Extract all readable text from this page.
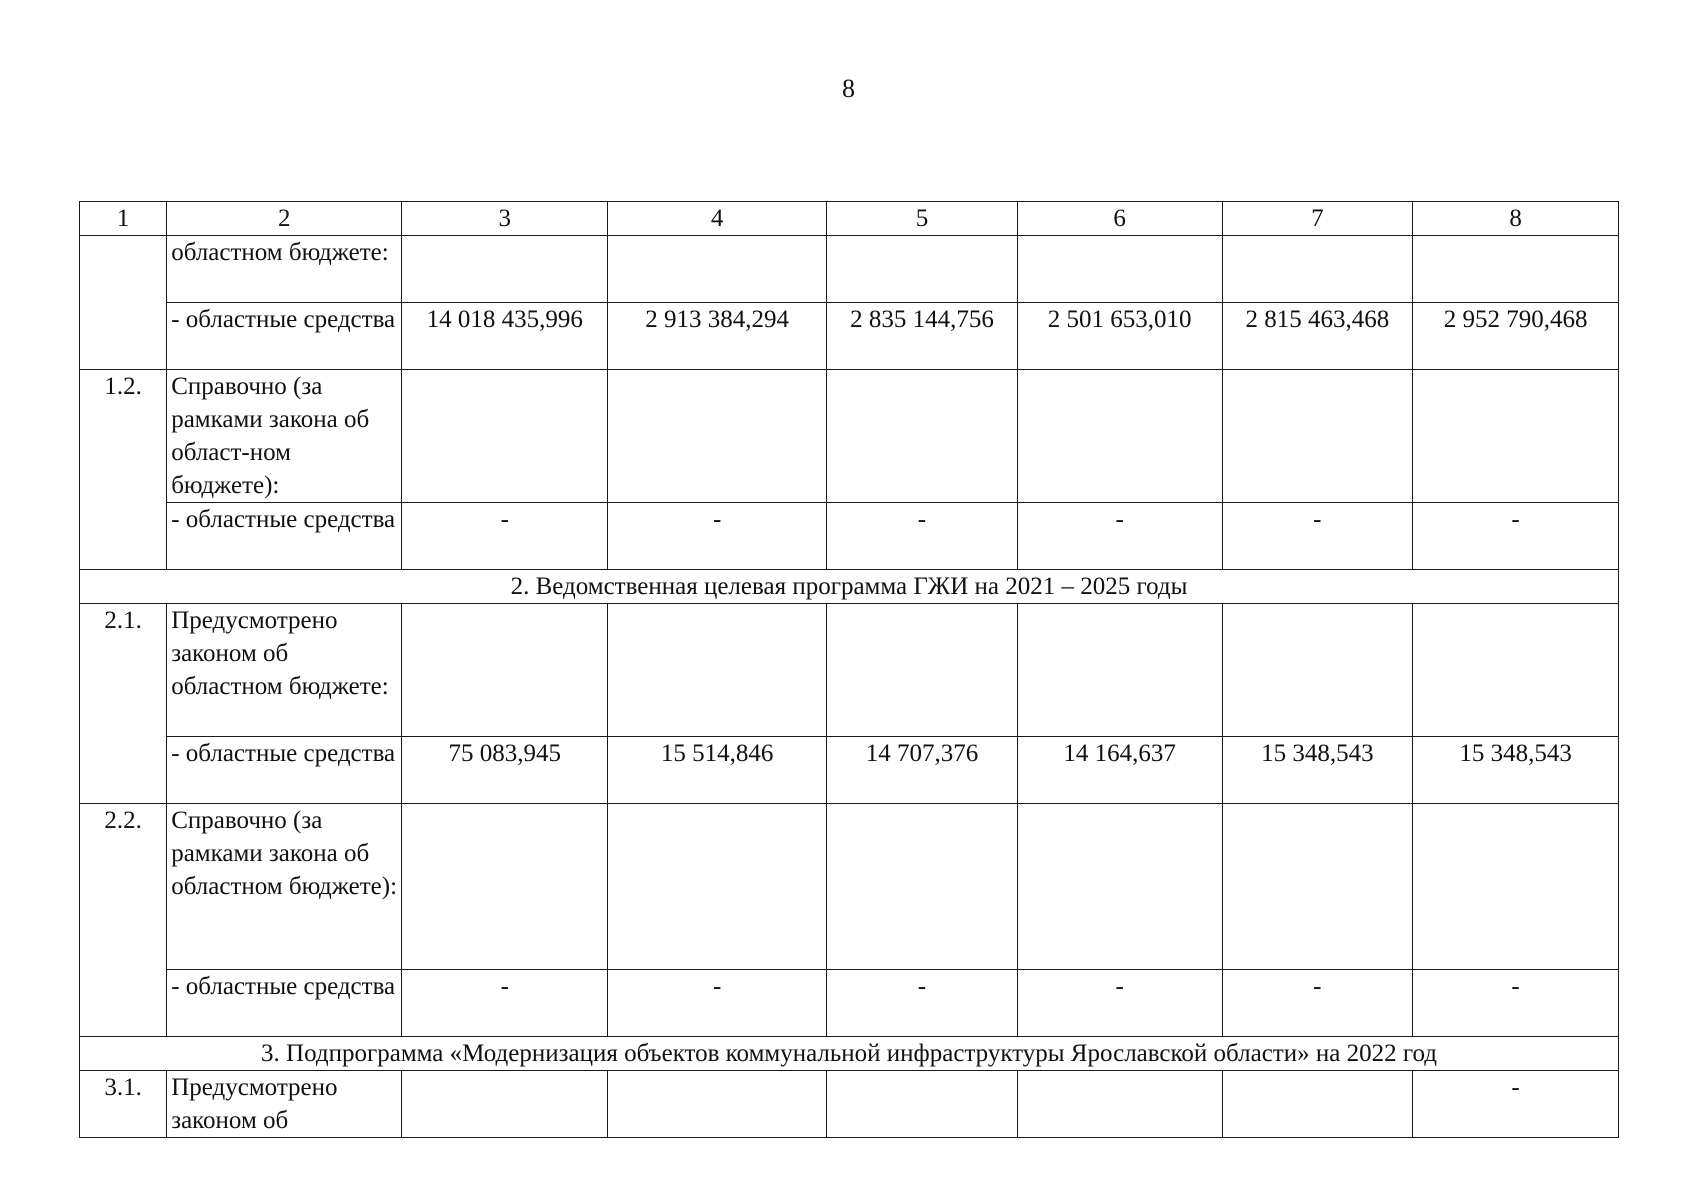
8
1	2	3	4	5	6	7	8
	областном бюджете:						
	- областные средства	14 018 435,996	2 913 384,294	2 835 144,756	2 501 653,010	2 815 463,468	2 952 790,468
1.2.	Справочно (за рамками закона об област-ном бюджете):						
	- областные средства	-	-	-	-	-	-
2. Ведомственная целевая программа ГЖИ на 2021 – 2025 годы							
2.1.	Предусмотрено законом об областном бюджете:						
	- областные средства	75 083,945	15 514,846	14 707,376	14 164,637	15 348,543	15 348,543
2.2.	Справочно (за рамками закона об областном бюджете):						
	- областные средства	-	-	-	-	-	-
3. Подпрограмма «Модернизация объектов коммунальной инфраструктуры Ярославской области» на 2022 год							
3.1.	Предусмотрено законом об						-
